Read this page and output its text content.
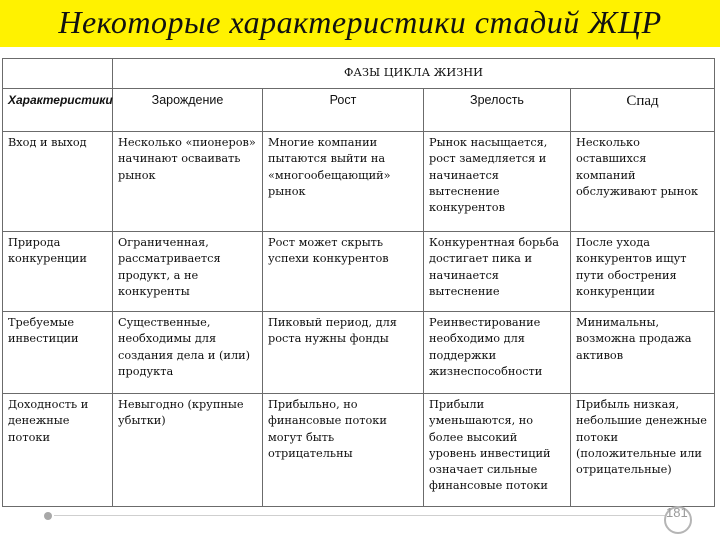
Некоторые характеристики стадий ЖЦР
	ФАЗЫ ЦИКЛА ЖИЗНИ			
Характеристики	Зарождение	Рост	Зрелость	Спад
Вход и выход	Несколько «пионеров» начинают осваивать рынок	Многие компании пытаются выйти на «многообещающий» рынок	Рынок насыщается, рост замедляется и начинается вытеснение конкурентов	Несколько оставшихся компаний обслуживают рынок
Природа конкуренции	Ограниченная, рассматривается продукт, а не конкуренты	Рост может скрыть успехи конкурентов	Конкурентная борьба достигает пика и начинается вытеснение	После ухода конкурентов ищут пути обострения конкуренции
Требуемые инвестиции	Существенные, необходимы для создания дела и (или) продукта	Пиковый период, для роста нужны фонды	Реинвестирование необходимо для поддержки жизнеспособности	Минимальны, возможна продажа активов
Доходность и денежные потоки	Невыгодно (крупные убытки)	Прибыльно, но финансовые потоки могут быть отрицательны	Прибыли уменьшаются, но более высокий уровень инвестиций означает сильные финансовые потоки	Прибыль низкая, небольшие денежные потоки (положительные или отрицательные)
181
